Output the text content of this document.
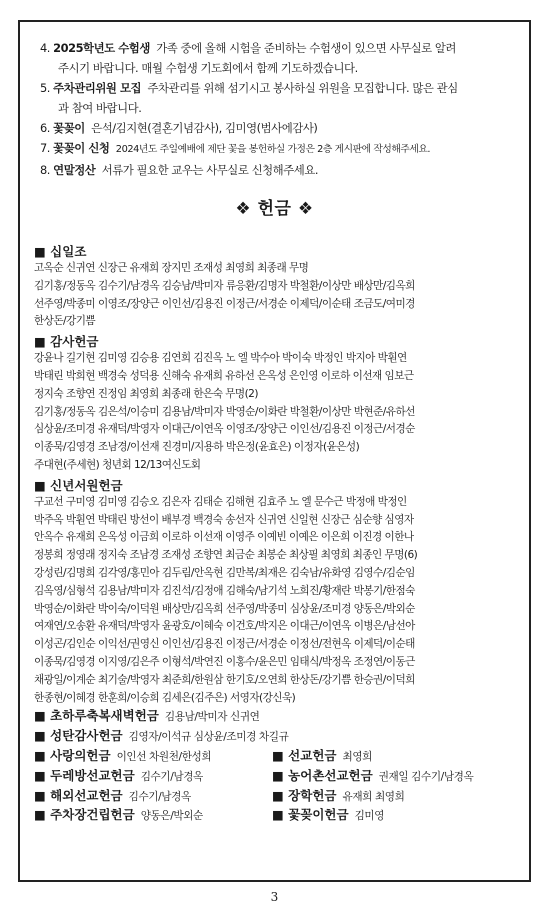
4.
2025학년도 수험생 가족 중에 올해 시험을 준비하는 수험생이 있으면 사무실로 알려
주시기 바랍니다. 매월 수험생 기도회에서 함께 기도하겠습니다.
5.
주차관리위원 모집 주차관리를 위해 섬기시고 봉사하실 위원을 모집합니다. 많은 관심
과 참여 바랍니다.
6.
꽃꽂이 은석/김지현(결혼기념감사), 김미영(범사에감사)
7.
꽃꽂이 신청 2024년도 주일예배에 제단 꽃을 봉헌하실 가정은 2층 게시판에 작성해주세요.
8.
연말정산 서류가 필요한 교우는 사무실로 신청해주세요.
❖ 헌금 ❖
■ 십일조
고옥순 신귀연 신장근 유재희 장지민 조재성 최영희 최종래 무명
김기홍/정동옥 김수기/남경옥 김승남/박미자 류응환/김명자 박철환/이상만 배상만/김옥희
선주영/박종미 이영조/장양근 이인선/김용진 이정근/서경순 이제덕/이순태 조금도/여미경
한상돈/강기쁨
■ 감사헌금
강윤나 길기현 김미영 김승용 김연희 김진옥 노 엘 박수아 박이숙 박정인 박지아 박훤연
박태린 박희현 백경숙 성덕용 신해숙 유재희 유하선 은옥성 은인영 이로하 이선재 임보근
정지숙 조향연 진정임 최영희 최종래 한은숙 무명(2)
김기홍/정동옥 김은석/이승미 김용남/박미자 박영순/이화란 박철환/이상만 박현준/유하선
심상윤/조미경 유재덕/박영자 이대근/이연옥 이영조/장양근 이인선/김용진 이정근/서경순
이종묵/김영경 조남경/이선재 진경미/지용하 박은정(윤효은) 이정자(윤은성)
주대현(주세현) 청년회 12/13여신도회
■ 신년서원헌금
구교선 구미영 김미영 김승오 김은자 김태순 김해현 김효주 노 엘 문수근 박정애 박정인
박주옥 박훤연 박태린 방선이 배부경 백경숙 송선자 신귀연 신일현 신장근 심순향 심영자
안옥수 유재희 은옥성 이금희 이로하 이선재 이영주 이예빈 이예은 이은희 이진경 이한나
정봉희 정영래 정지숙 조남경 조재성 조향연 최금순 최봉순 최상필 최영희 최종인 무명(6)
강성린/김명희 김각영/홍민아 김두림/안옥현 김만복/최재은 김숙남/유화영 김영수/김순임
김옥영/심형석 김용남/박미자 김진석/김정애 김해숙/남기석 노희진/황재란 박봉기/한점숙
박영순/이화란 박이숙/이덕원 배상만/김옥희 선주영/박종미 심상윤/조미경 양동은/박외순
여재연/오송환 유재덕/박영자 윤광호/이혜숙 이건호/박지은 이대근/이연옥 이병은/남선아
이성곤/김인순 이익선/권영신 이인선/김용진 이정근/서경순 이정선/전현옥 이제덕/이순태
이종묵/김영경 이지영/김은주 이형석/박연진 이홍수/윤은민 임태식/박정옥 조정연/이동근
채광일/이계순 최기술/박영자 최준희/한원삼 한기호/오연희 한상돈/강기쁨 한승권/이덕희
한종현/이혜경 한훈희/이승희 김세은(김주은) 서영자(강신욱)
■ 초하루축복새벽헌금 김용남/박미자 신귀연
■ 성탄감사헌금 김영자/이석규 심상윤/조미경 차길규
■ 사랑의헌금 이인선 차원천/한성희	■ 선교헌금 최영희
■ 두레방선교헌금 김수기/남경옥	■ 농어촌선교헌금 권재일 김수기/남경옥
■ 해외선교헌금 김수기/남경옥	■ 장학헌금 유재희 최영희
■ 주차장건립헌금 양동은/박외순	■ 꽃꽂이헌금 김미영
3
